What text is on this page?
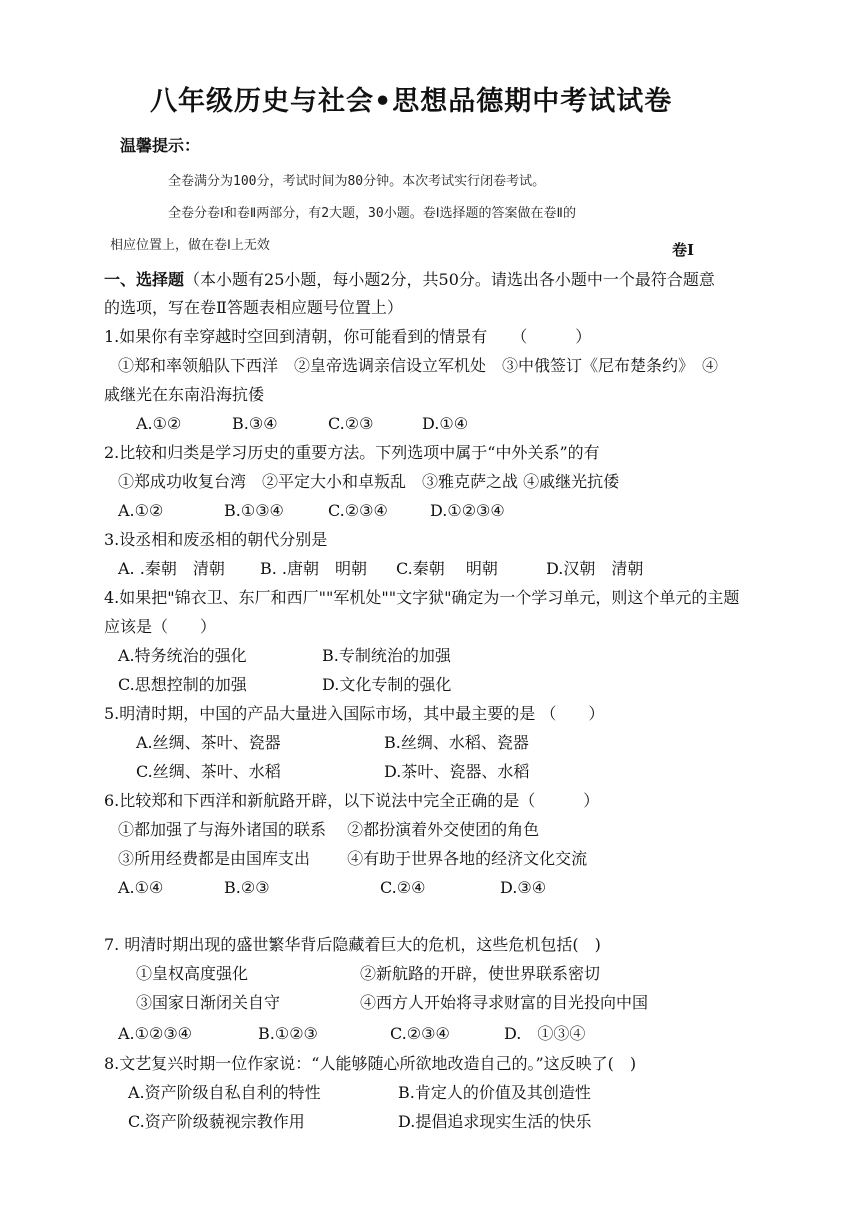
八年级历史与社会•思想品德期中考试试卷
温馨提示：
全卷满分为100分，考试时间为80分钟。本次考试实行闭卷考试。
全卷分卷Ⅰ和卷Ⅱ两部分，有2大题，30小题。卷Ⅰ选择题的答案做在卷Ⅱ的
相应位置上，做在卷Ⅰ上无效	卷Ⅰ
一、选择题（本小题有25小题，每小题2分，共50分。请选出各小题中一个最符合题意
的选项，写在卷Ⅱ答题表相应题号位置上）
1.如果你有幸穿越时空回到清朝，你可能看到的情景有　　（　　　）
①郑和率领船队下西洋　②皇帝选调亲信设立军机处　③中俄签订《尼布楚条约》　④
戚继光在东南沿海抗倭
A.①②	B.③④	C.②③	D.①④
2.比较和归类是学习历史的重要方法。下列选项中属于“中外关系”的有
①郑成功收复台湾　②平定大小和卓叛乱　③雅克萨之战 ④戚继光抗倭
A.①②	B.①③④	C.②③④	D.①②③④
3.设丞相和废丞相的朝代分别是
A. .秦朝　清朝 B. .唐朝　明朝 C.秦朝　 明朝	D.汉朝　清朝
4.如果把"锦衣卫、东厂和西厂""军机处""文字狱"确定为一个学习单元，则这个单元的主题
应该是（　　）
A.特务统治的强化	B.专制统治的加强
C.思想控制的加强	D.文化专制的强化
5.明清时期，中国的产品大量进入国际市场，其中最主要的是 （　　）
A.丝绸、茶叶、瓷器	B.丝绸、水稻、瓷器
C.丝绸、茶叶、水稻	D.茶叶、瓷器、水稻
6.比较郑和下西洋和新航路开辟，以下说法中完全正确的是（　　　）
①都加强了与海外诸国的联系　 ②都扮演着外交使团的角色
③所用经费都是由国库支出　　 ④有助于世界各地的经济文化交流
A.①④	B.②③	C.②④	D.③④
7. 明清时期出现的盛世繁华背后隐藏着巨大的危机，这些危机包括(　)
①皇权高度强化　　　　　　　②新航路的开辟，使世界联系密切
③国家日渐闭关自守　　　　　④西方人开始将寻求财富的目光投向中国
A.①②③④	B.①②③	C.②③④	D.　①③④
8.文艺复兴时期一位作家说：“人能够随心所欲地改造自己的。”这反映了(　)
A.资产阶级自私自利的特性	B.肯定人的价值及其创造性
C.资产阶级藐视宗教作用	D.提倡追求现实生活的快乐
